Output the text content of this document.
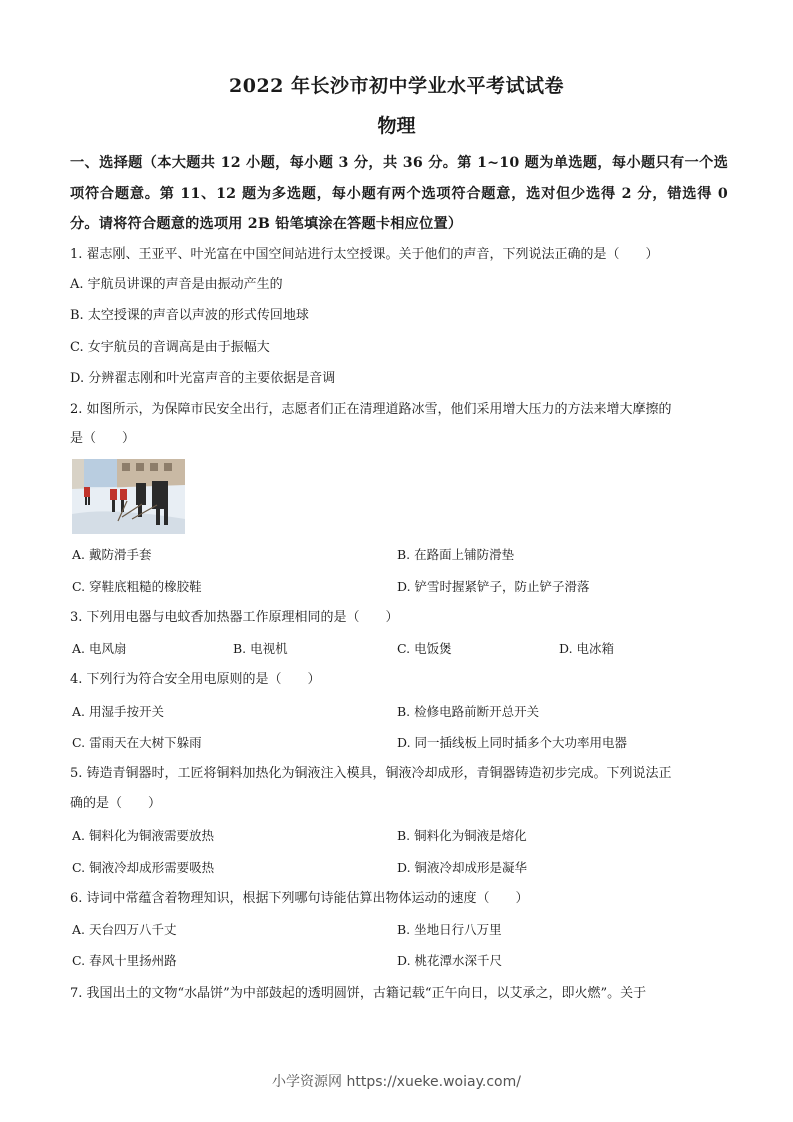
2022 年长沙市初中学业水平考试试卷
物理
一、选择题（本大题共 12 小题，每小题 3 分，共 36 分。第 1~10 题为单选题，每小题只有一个选项符合题意。第 11、12 题为多选题，每小题有两个选项符合题意，选对但少选得 2 分，错选得 0 分。请将符合题意的选项用 2B 铅笔填涂在答题卡相应位置）
1. 翟志刚、王亚平、叶光富在中国空间站进行太空授课。关于他们的声音，下列说法正确的是（　　）
A. 宇航员讲课的声音是由振动产生的
B. 太空授课的声音以声波的形式传回地球
C. 女宇航员的音调高是由于振幅大
D. 分辨翟志刚和叶光富声音的主要依据是音调
2. 如图所示，为保障市民安全出行，志愿者们正在清理道路冰雪，他们采用增大压力的方法来增大摩擦的
是（　　）
A. 戴防滑手套	B. 在路面上铺防滑垫
C. 穿鞋底粗糙的橡胶鞋	D. 铲雪时握紧铲子，防止铲子滑落
3. 下列用电器与电蚊香加热器工作原理相同的是（　　）
A. 电风扇	B. 电视机	C. 电饭煲	D. 电冰箱
4. 下列行为符合安全用电原则的是（　　）
A. 用湿手按开关	B. 检修电路前断开总开关
C. 雷雨天在大树下躲雨	D. 同一插线板上同时插多个大功率用电器
5. 铸造青铜器时，工匠将铜料加热化为铜液注入模具，铜液冷却成形，青铜器铸造初步完成。下列说法正
确的是（　　）
A. 铜料化为铜液需要放热	B. 铜料化为铜液是熔化
C. 铜液冷却成形需要吸热	D. 铜液冷却成形是凝华
6. 诗词中常蕴含着物理知识，根据下列哪句诗能估算出物体运动的速度（　　）
A. 天台四万八千丈	B. 坐地日行八万里
C. 春风十里扬州路	D. 桃花潭水深千尺
7. 我国出土的文物“水晶饼”为中部鼓起的透明圆饼，古籍记载“正午向日，以艾承之，即火燃”。关于
小学资源网 https://xueke.woiay.com/
